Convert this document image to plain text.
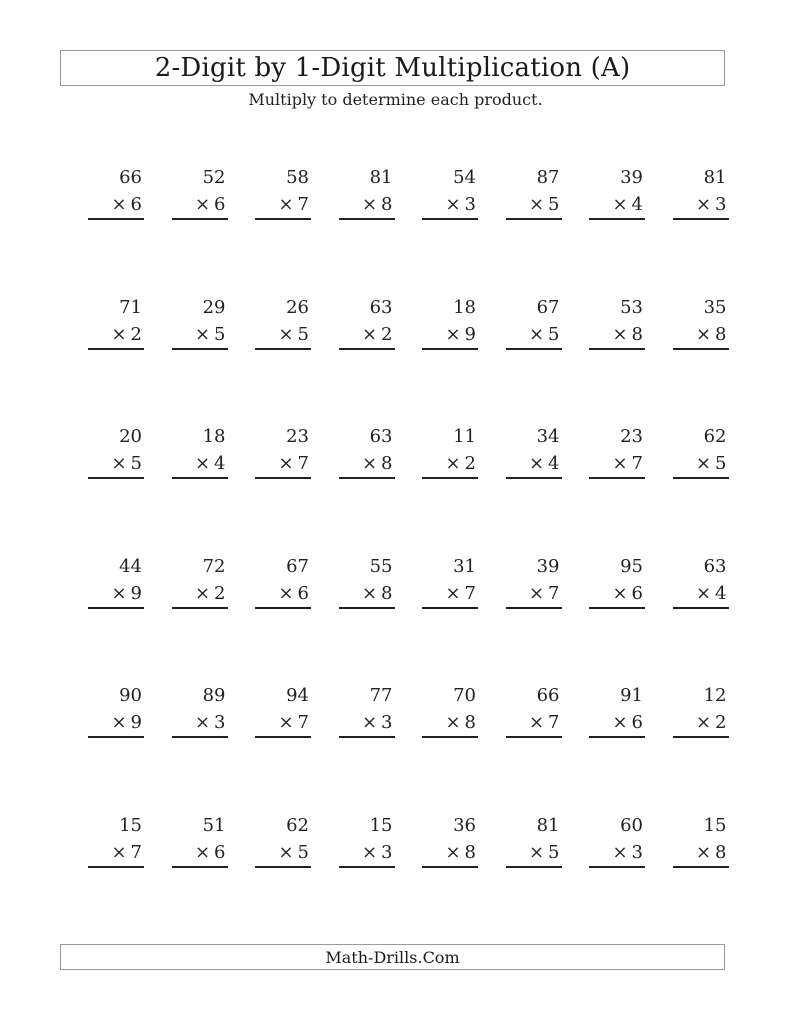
2-Digit by 1-Digit Multiplication (A)
Multiply to determine each product.
66
× 6
52
× 6
58
× 7
81
× 8
54
× 3
87
× 5
39
× 4
81
× 3
71
× 2
29
× 5
26
× 5
63
× 2
18
× 9
67
× 5
53
× 8
35
× 8
20
× 5
18
× 4
23
× 7
63
× 8
11
× 2
34
× 4
23
× 7
62
× 5
44
× 9
72
× 2
67
× 6
55
× 8
31
× 7
39
× 7
95
× 6
63
× 4
90
× 9
89
× 3
94
× 7
77
× 3
70
× 8
66
× 7
91
× 6
12
× 2
15
× 7
51
× 6
62
× 5
15
× 3
36
× 8
81
× 5
60
× 3
15
× 8
Math-Drills.Com
